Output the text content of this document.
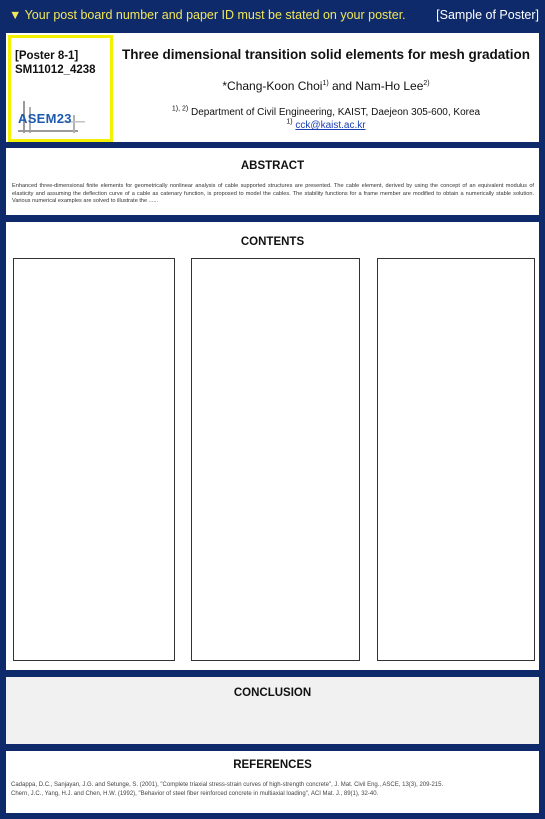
▼ Your post board number and paper ID must be stated on your poster. [Sample of Poster]
[Poster 8-1]
SM11012_4238
ASEM23
Three dimensional transition solid elements for mesh gradation
*Chang-Koon Choi$^{1)}$ and Nam-Ho Lee$^{2)}$
$^{1), 2)}$ Department of Civil Engineering, KAIST, Daejeon 305-600, Korea
$^{1)}$ cck@kaist.ac.kr
ABSTRACT
Enhanced three-dimensional finite elements for geometrically nonlinear analysis of cable supported structures are presented. The cable element, derived by using the concept of an equivalent modulus of elasticity and assuming the deflection curve of a cable as catenary function, is proposed to model the cables. The stability functions for a frame member are modified to obtain a numerically stable solution. Various numerical examples are solved to illustrate the ......
CONTENTS
CONCLUSION
REFERENCES
Cadappa, D.C., Sanjayan, J.G. and Setunge, S. (2001), "Complete triaxial stress-strain curves of high-strength concrete", J. Mat. Civil Eng., ASCE, 13(3), 209-215.
Chern, J.C., Yang, H.J. and Chen, H.W. (1992), "Behavior of steel fiber reinforced concrete in multiaxial loading", ACI Mat. J., 89(1), 32-40.
